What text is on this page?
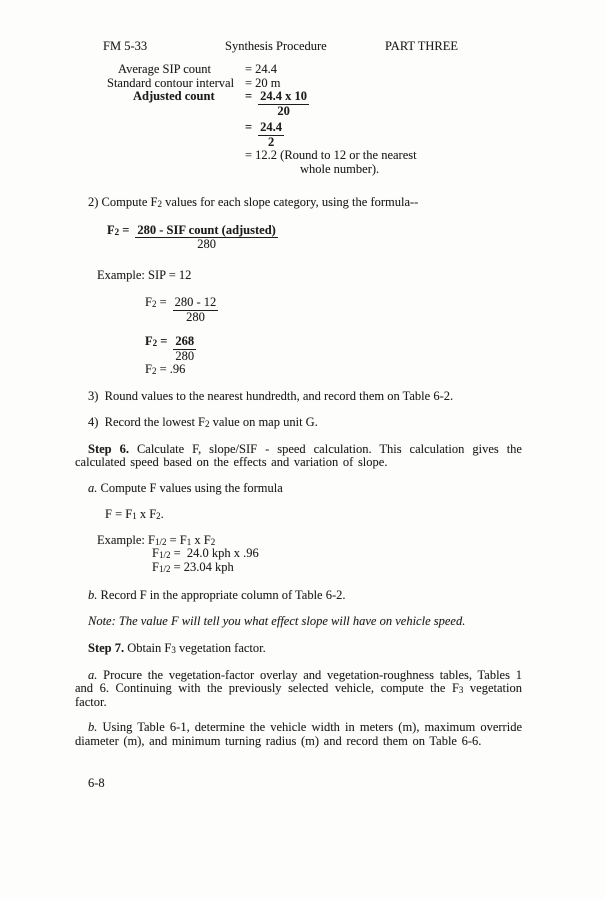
FM 5-33	Synthesis Procedure	PART THREE
Average SIP count	= 24.4
Standard contour interval = 20 m
Adjusted count	= $\frac{24.4 x 10}{20}$
= $\frac{24.4}{2}$
= 12.2 (Round to 12 or the nearest
whole number).

2) Compute $F_2$ values for each slope category, using the formula--

$F_2 = \frac{\text{280 - SIF count (adjusted)}}{280}$

Example: SIP = 12

$F_2 = \frac{280 - 12}{280}$
$F_2 = \frac{268}{280}$

$F_2 = .96$

3)  Round values to the nearest hundredth, and record them on Table 6-2.

4)  Record the lowest $F_2$ value on map unit G.

Step 6. Calculate F, slope/SIF - speed calculation. This calculation gives the calculated speed based on the effects and variation of slope.

a. Compute F values using the formula

$F = F_1$ x $F_2$.

Example: $F_{1/2} = F_1$ x $F_2$

$F_{1/2} = 24.0$ kph x .96

$F_{1/2} = 23.04$ kph

b. Record F in the appropriate column of Table 6-2.

Note: The value F will tell you what effect slope will have on vehicle speed.

Step 7. Obtain $F_3$ vegetation factor.

a. Procure the vegetation-factor overlay and vegetation-roughness tables, Tables 1 and 6. Continuing with the previously selected vehicle, compute the $F_3$ vegetation factor.

b. Using Table 6-1, determine the vehicle width in meters (m), maximum override diameter (m), and minimum turning radius (m) and record them on Table 6-6.

6-8
